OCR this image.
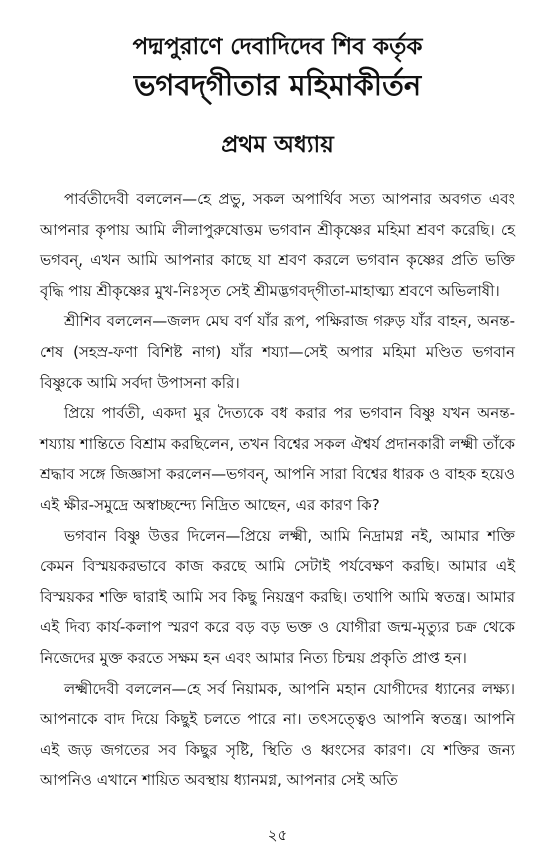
পদ্মপুরাণে দেবাদিদেব শিব কর্তৃক
ভগবদ্‌গীতার মহিমাকীর্তন
প্রথম অধ্যায়

পার্বতীদেবী বললেন—হে প্রভু, সকল অপার্থিব সত্য আপনার অবগত এবং আপনার কৃপায় আমি লীলাপুরুষোত্তম ভগবান শ্রীকৃষ্ণের মহিমা শ্রবণ করেছি। হে ভগবন্‌, এখন আমি আপনার কাছে যা শ্রবণ করলে ভগবান কৃষ্ণের প্রতি ভক্তি বৃদ্ধি পায় শ্রীকৃষ্ণের মুখ-নিঃসৃত সেই শ্রীমদ্ভগবদ্‌গীতা-মাহাত্ম্য শ্রবণে অভিলাষী।

শ্রীশিব বললেন—জলদ মেঘ বর্ণ যাঁর রূপ, পক্ষিরাজ গরুড় যাঁর বাহন, অনন্ত-শেষ (সহস্র-ফণা বিশিষ্ট নাগ) যাঁর শয্যা—সেই অপার মহিমা মণ্ডিত ভগবান বিষ্ণুকে আমি সর্বদা উপাসনা করি।

প্রিয়ে পার্বতী, একদা মুর দৈত্যকে বধ করার পর ভগবান বিষ্ণু যখন অনন্ত-শয্যায় শান্তিতে বিশ্রাম করছিলেন, তখন বিশ্বের সকল ঐশ্বর্য প্রদানকারী লক্ষ্মী তাঁকে শ্রদ্ধাব সঙ্গে জিজ্ঞাসা করলেন—ভগবন্‌, আপনি সারা বিশ্বের ধারক ও বাহক হয়েও এই ক্ষীর-সমুদ্রে অস্বাচ্ছন্দ্যে নিদ্রিত আছেন, এর কারণ কি?

ভগবান বিষ্ণু উত্তর দিলেন—প্রিয়ে লক্ষ্মী, আমি নিদ্রামগ্ন নই, আমার শক্তি কেমন বিস্ময়করভাবে কাজ করছে আমি সেটাই পর্যবেক্ষণ করছি। আমার এই বিস্ময়কর শক্তি দ্বারাই আমি সব কিছু নিয়ন্ত্রণ করছি। তথাপি আমি স্বতন্ত্র। আমার এই দিব্য কার্য-কলাপ স্মরণ করে বড় বড় ভক্ত ও যোগীরা জন্ম-মৃত্যুর চক্র থেকে নিজেদের মুক্ত করতে সক্ষম হন এবং আমার নিত্য চিন্ময় প্রকৃতি প্রাপ্ত হন।

লক্ষ্মীদেবী বললেন—হে সর্ব নিয়ামক, আপনি মহান যোগীদের ধ্যানের লক্ষ্য। আপনাকে বাদ দিয়ে কিছুই চলতে পারে না। তৎসত্ত্বেও আপনি স্বতন্ত্র। আপনি এই জড় জগতের সব কিছুর সৃষ্টি, স্থিতি ও ধ্বংসের কারণ। যে শক্তির জন্য আপনিও এখানে শায়িত অবস্থায় ধ্যানমগ্ন, আপনার সেই অতি

২৫
